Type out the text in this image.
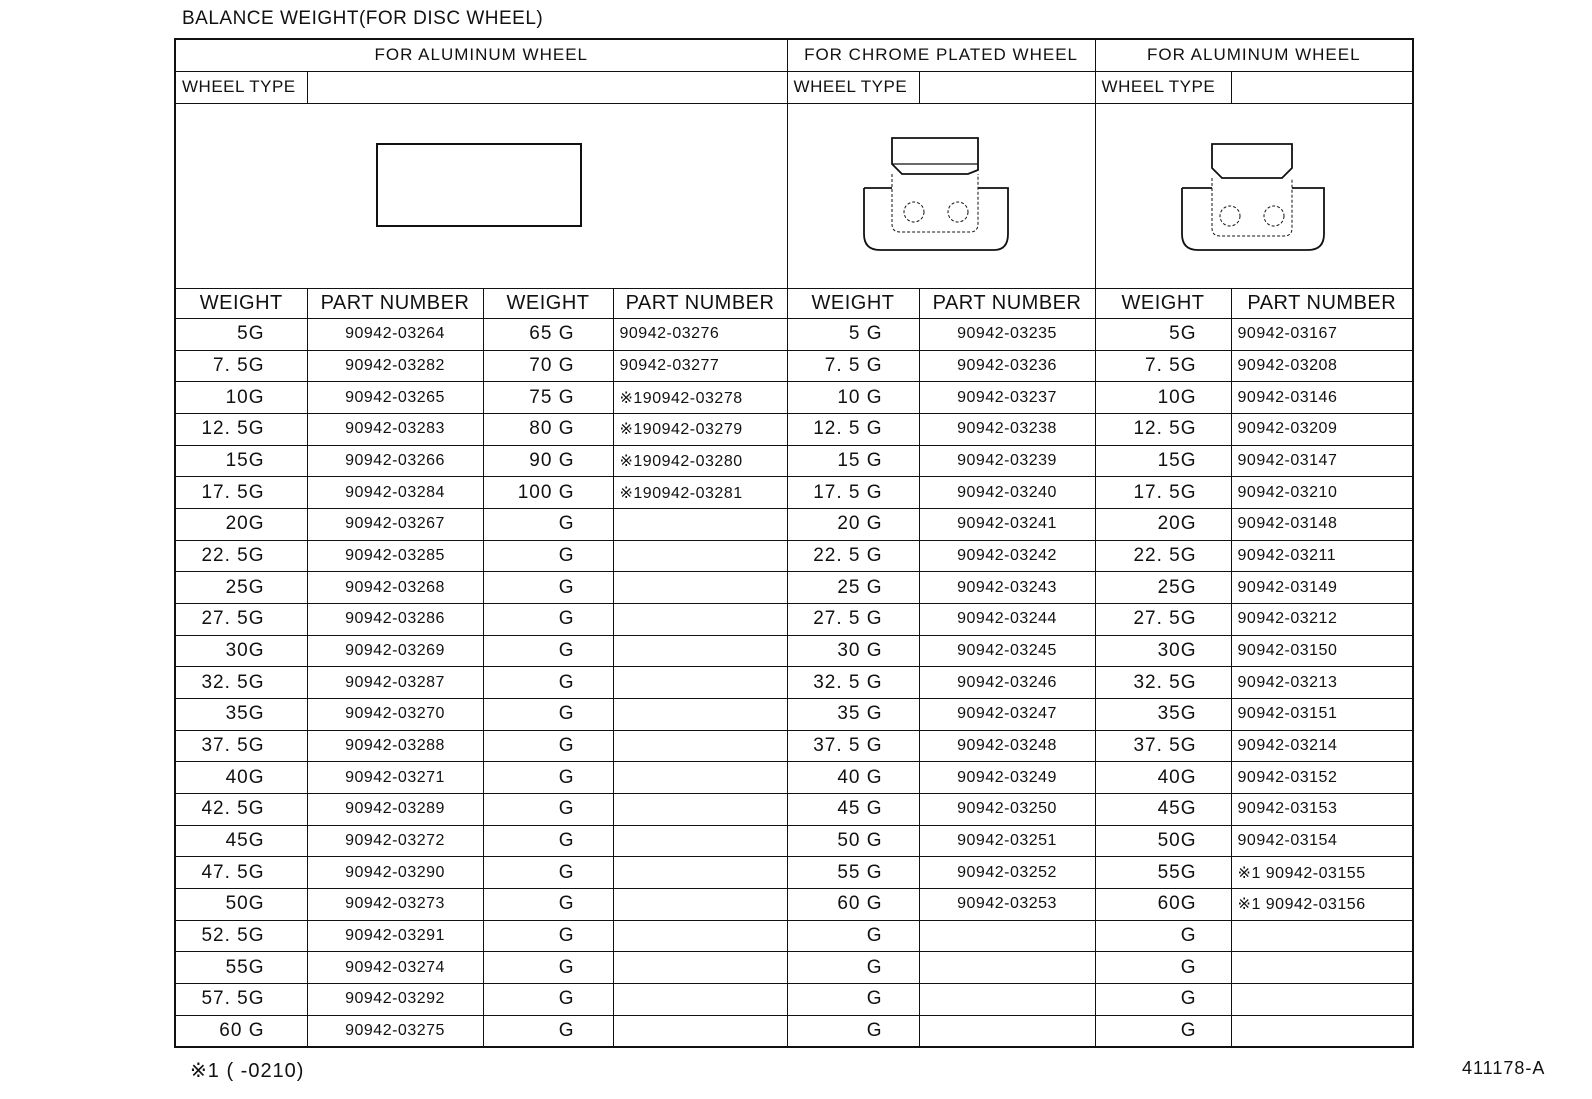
BALANCE WEIGHT(FOR DISC WHEEL)
FOR ALUMINUM WHEEL				FOR CHROME PLATED WHEEL		FOR ALUMINUM WHEEL	
WHEEL TYPE				WHEEL TYPE		WHEEL TYPE	

WEIGHT	PART NUMBER	WEIGHT	PART NUMBER	WEIGHT	PART NUMBER	WEIGHT	PART NUMBER
5G	90942-03264	65 G	90942-03276	5 G	90942-03235	5G	90942-03167
7. 5G	90942-03282	70 G	90942-03277	7. 5 G	90942-03236	7. 5G	90942-03208
10G	90942-03265	75 G	※190942-03278	10 G	90942-03237	10G	90942-03146
12. 5G	90942-03283	80 G	※190942-03279	12. 5 G	90942-03238	12. 5G	90942-03209
15G	90942-03266	90 G	※190942-03280	15 G	90942-03239	15G	90942-03147
17. 5G	90942-03284	100 G	※190942-03281	17. 5 G	90942-03240	17. 5G	90942-03210
20G	90942-03267	G		20 G	90942-03241	20G	90942-03148
22. 5G	90942-03285	G		22. 5 G	90942-03242	22. 5G	90942-03211
25G	90942-03268	G		25 G	90942-03243	25G	90942-03149
27. 5G	90942-03286	G		27. 5 G	90942-03244	27. 5G	90942-03212
30G	90942-03269	G		30 G	90942-03245	30G	90942-03150
32. 5G	90942-03287	G		32. 5 G	90942-03246	32. 5G	90942-03213
35G	90942-03270	G		35 G	90942-03247	35G	90942-03151
37. 5G	90942-03288	G		37. 5 G	90942-03248	37. 5G	90942-03214
40G	90942-03271	G		40 G	90942-03249	40G	90942-03152
42. 5G	90942-03289	G		45 G	90942-03250	45G	90942-03153
45G	90942-03272	G		50 G	90942-03251	50G	90942-03154
47. 5G	90942-03290	G		55 G	90942-03252	55G	※1 90942-03155
50G	90942-03273	G		60 G	90942-03253	60G	※1 90942-03156
52. 5G	90942-03291	G		G		G	
55G	90942-03274	G		G		G	
57. 5G	90942-03292	G		G		G	
60 G	90942-03275	G		G		G	
※1 ( -0210)	411178-A
